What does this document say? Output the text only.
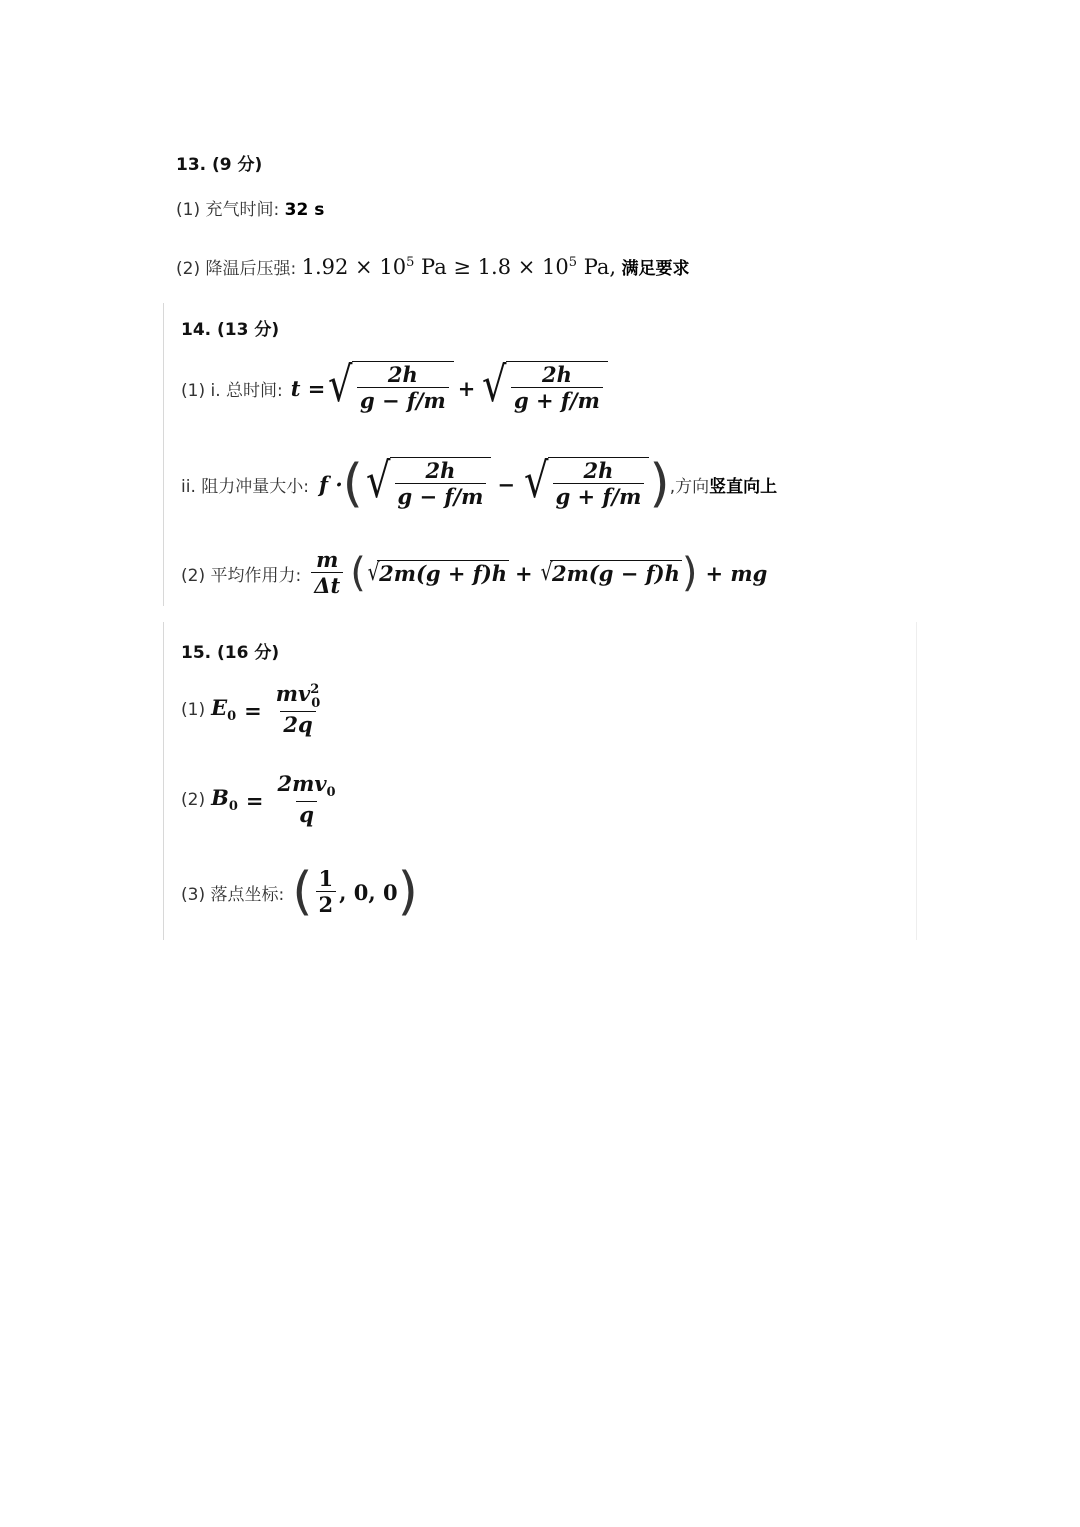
13. (9 分)
(1) 充气时间: 32 s
(2) 降温后压强: $1.92 \times 10^5$ $Pa \ge 1.8 \times 10^5$ Pa, 满足要求
14. (13 分)
(1) i. 总时间: t = √ $\frac{2h}{g - f/m}$ + √ $\frac{2h}{g + f/m}$
ii. 阻力冲量大小: f · ( √ $\frac{2h}{g - f/m}$ − √ $\frac{2h}{g + f/m}$ ) ,方向 竖直向上
(2) 平均作用力: $\frac{m}{\Delta t}$ ( √ 2m(g + f)h + √ 2m(g − f)h ) + mg
15. (16 分)
(1) $E_0 = \frac{mv^2_0}{2q}$
(2) $B_0 = \frac{2mv_0}{q}$
(3) 落点坐标: ( $\frac{1}{2}$ , 0, 0 )
